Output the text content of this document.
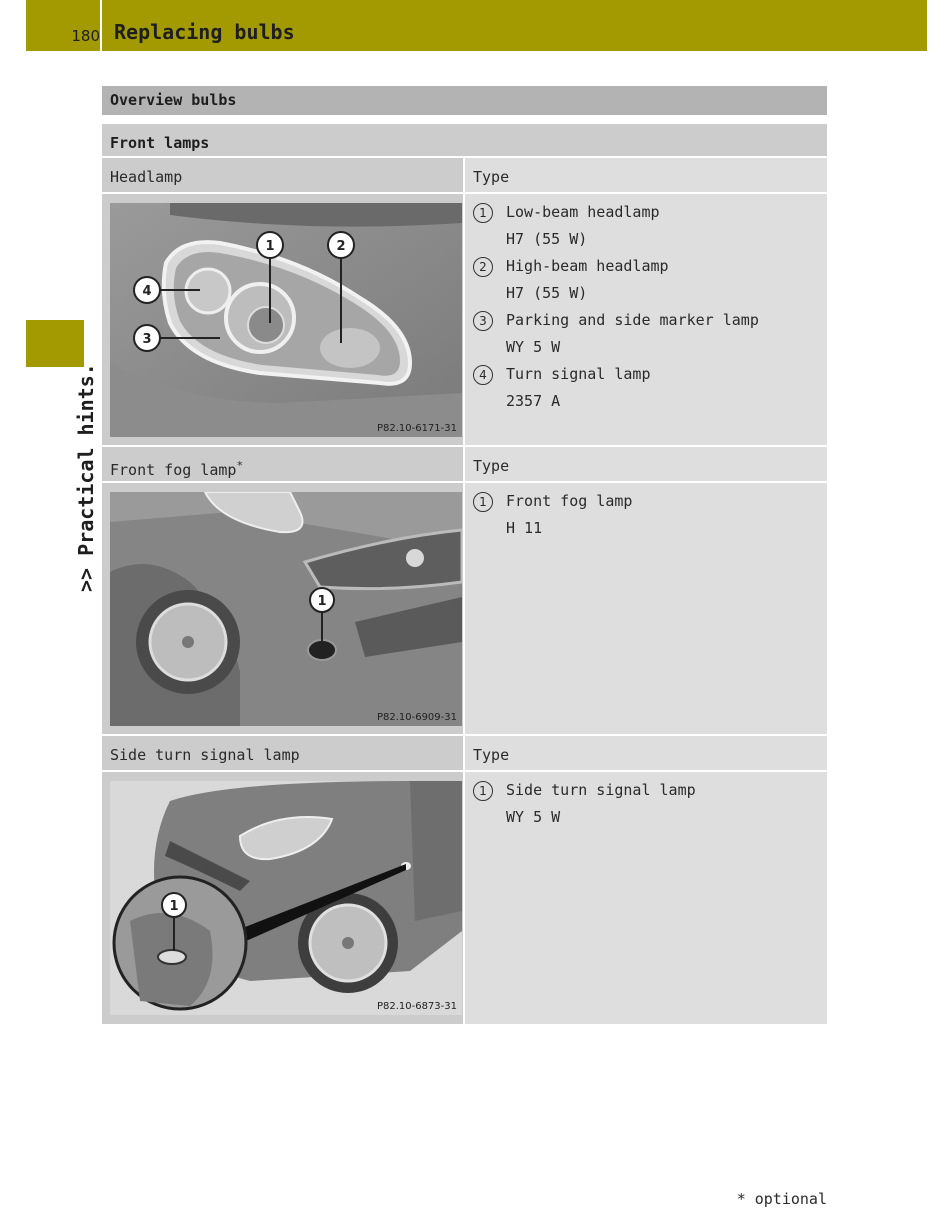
180 Replacing bulbs
>> Practical hints.
Overview bulbs
Front lamps
Headlamp	Type
1	2
4
3
P82.10-6171-31
1	Low-beam headlamp
H7 (55 W)
2	High-beam headlamp
H7 (55 W)
3	Parking and side marker lamp
WY 5 W
4	Turn signal lamp
2357 A
Front fog lamp*	Type
1
P82.10-6909-31
1	Front fog lamp
H 11
Side turn signal lamp	Type
1
P82.10-6873-31
1	Side turn signal lamp
WY 5 W
* optional
